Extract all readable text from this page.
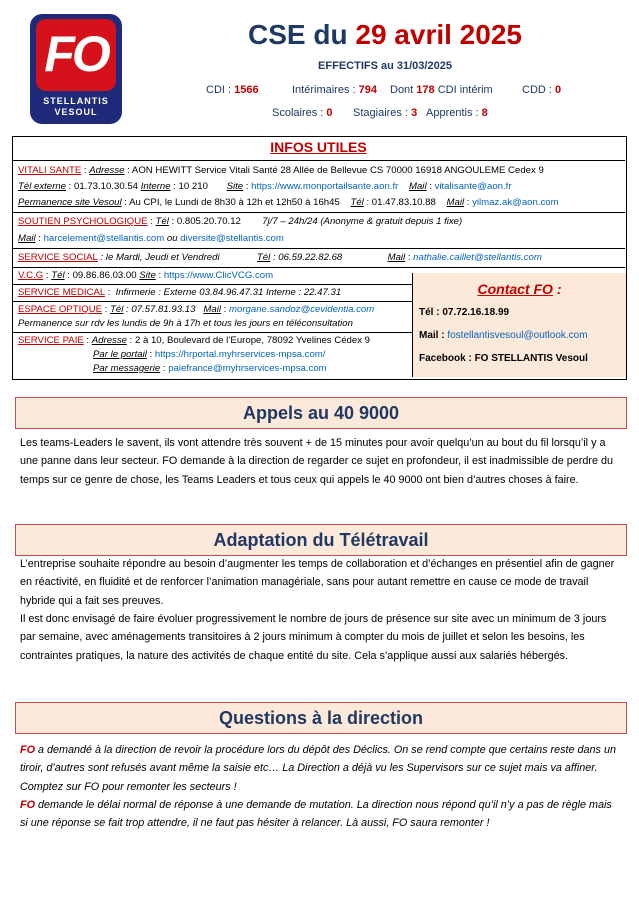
FO
STELLANTIS
VESOUL
CSE du 29 avril 2025
EFFECTIFS au 31/03/2025
CDI : 1566	Intérimaires : 794 Dont 178 CDI intérim	CDD : 0
Scolaires : 0 Stagiaires : 3 Apprentis : 8
INFOS UTILES
VITALI SANTE : Adresse : AON HEWITT Service Vitali Santé 28 Allée de Bellevue CS 70000 16918 ANGOULEME Cedex 9
Tél externe : 01.73.10.30.54 Interne : 10 210 Site : https://www.monportailsante.aon.fr Mail : vitalisante@aon.fr
Permanence site Vesoul : Au CPI, le Lundi de 8h30 à 12h et 12h50 à 16h45 Tél : 01.47.83.10.88 Mail : yilmaz.ak@aon.com
SOUTIEN PSYCHOLOGIQUE : Tél : 0.805.20.70.12 7j/7 – 24h/24 (Anonyme & gratuit depuis 1 fixe)
Mail : harcelement@stellantis.com ou diversite@stellantis.com
SERVICE SOCIAL : le Mardi, Jeudi et Vendredi	Tél : 06.59.22.82.68	Mail : nathalie.caillet@stellantis.com
V.C.G : Tél : 09.86.86.03.00 Site : https://www.ClicVCG.com
SERVICE MEDICAL :  Infirmerie : Externe 03.84.96.47.31 Interne : 22.47.31
ESPACE OPTIQUE : Tél : 07.57.81.93.13   Mail : morgane.sandoz@cevidentia.com
Permanence sur rdv les lundis de 9h à 17h et tous les jours en téléconsultation
SERVICE PAIE : Adresse : 2 à 10, Boulevard de l’Europe, 78092 Yvelines Cédex 9
Par le portail : https://hrportal.myhrservices-mpsa.com/
Par messagerie : paiefrance@myhrservices-mpsa.com
Contact FO :
Tél : 07.72.16.18.99
Mail : fostellantisvesoul@outlook.com
Facebook : FO STELLANTIS Vesoul
Appels au 40 9000
Les teams-Leaders le savent, ils vont attendre très souvent + de 15 minutes pour avoir quelqu’un au bout du fil lorsqu’il y a une panne dans leur secteur. FO demande à la direction de regarder ce sujet en profondeur, il est inadmissible de perdre du temps sur ce genre de chose, les Teams Leaders et tous ceux qui appels le 40 9000 ont bien d’autres choses à faire.
Adaptation du Télétravail
L’entreprise souhaite répondre au besoin d’augmenter les temps de collaboration et d’échanges en présentiel afin de gagner en réactivité, en fluidité et de renforcer l’animation managériale, sans pour autant remettre en cause ce mode de travail hybride qui a fait ses preuves.
Il est donc envisagé de faire évoluer progressivement le nombre de jours de présence sur site avec un minimum de 3 jours par semaine, avec aménagements transitoires à 2 jours minimum à compter du mois de juillet et selon les besoins, les contraintes pratiques, la nature des activités de chaque entité du site. Cela s’applique aussi aux salariés hébergés.
Questions à la direction
FO a demandé à la direction de revoir la procédure lors du dépôt des Déclics. On se rend compte que certains reste dans un tiroir, d’autres sont refusés avant même la saisie etc… La Direction a déjà vu les Supervisors sur ce sujet mais va affiner. Comptez sur FO pour remonter les secteurs !
FO demande le délai normal de réponse à une demande de mutation. La direction nous répond qu’il n’y a pas de règle mais si une réponse se fait trop attendre, il ne faut pas hésiter à relancer. Là aussi, FO saura remonter !
